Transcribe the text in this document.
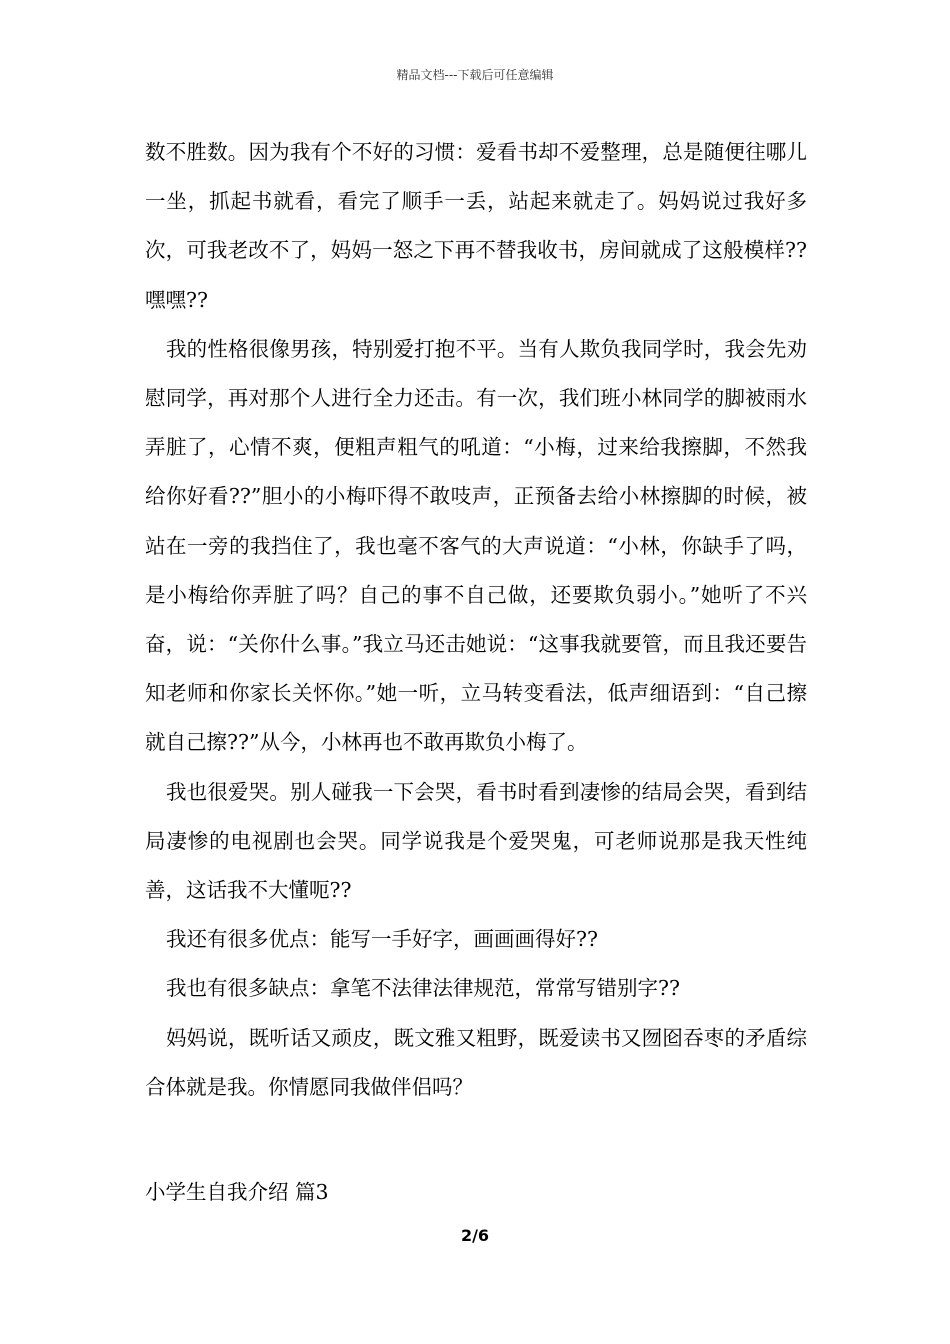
精品文档---下载后可任意编辑

数不胜数。因为我有个不好的习惯：爱看书却不爱整理，总是随便往哪儿一坐，抓起书就看，看完了顺手一丢，站起来就走了。妈妈说过我好多次，可我老改不了，妈妈一怒之下再不替我收书，房间就成了这般模样??嘿嘿??

我的性格很像男孩，特别爱打抱不平。当有人欺负我同学时，我会先劝慰同学，再对那个人进行全力还击。有一次，我们班小林同学的脚被雨水弄脏了，心情不爽，便粗声粗气的吼道：“小梅，过来给我擦脚，不然我给你好看??”胆小的小梅吓得不敢吱声，正预备去给小林擦脚的时候，被站在一旁的我挡住了，我也毫不客气的大声说道：“小林，你缺手了吗，是小梅给你弄脏了吗？自己的事不自己做，还要欺负弱小。”她听了不兴奋，说：“关你什么事。”我立马还击她说：“这事我就要管，而且我还要告知老师和你家长关怀你。”她一听，立马转变看法，低声细语到：“自己擦就自己擦??”从今，小林再也不敢再欺负小梅了。

我也很爱哭。别人碰我一下会哭，看书时看到凄惨的结局会哭，看到结局凄惨的电视剧也会哭。同学说我是个爱哭鬼，可老师说那是我天性纯善，这话我不大懂呃??

我还有很多优点：能写一手好字，画画画得好??

我也有很多缺点：拿笔不法律法律规范，常常写错别字??

妈妈说，既听话又顽皮，既文雅又粗野，既爱读书又囫囵吞枣的矛盾综合体就是我。你情愿同我做伴侣吗？

小学生自我介绍 篇3
2/6
